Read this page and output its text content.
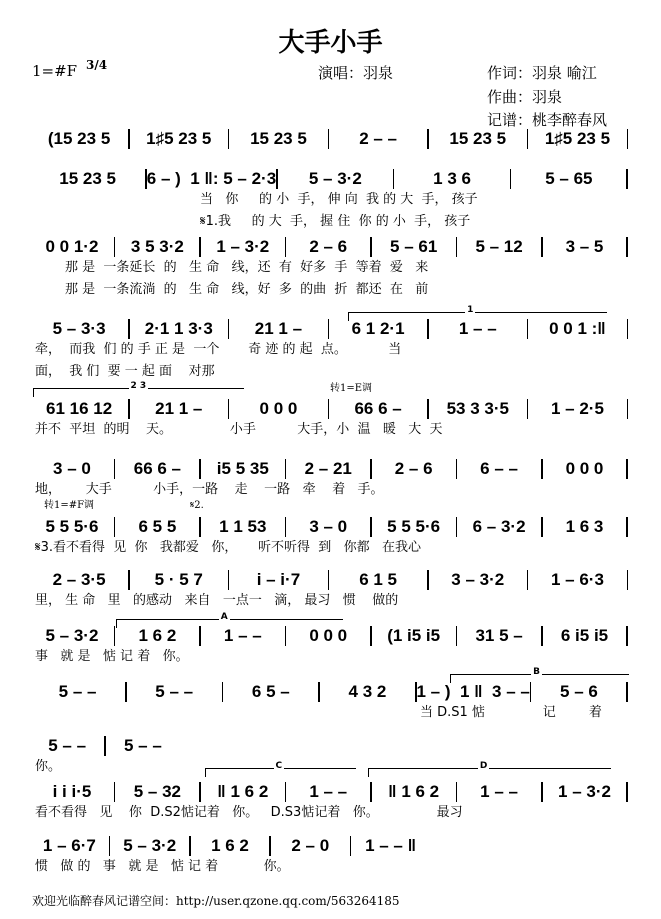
大手小手
1=#F 3/4	演唱：羽泉	作词：羽泉 喻江
作曲：羽泉
记谱：桃李醉春风
转1=E调
转1=#F调	𝄋2.
1
2 3
A
B
C	D
(15 23 5	1♯5 23 5	15 23 5	2 – –	15 23 5	1♯5 23 5
15 23 5	6 – )  1 ‖: 5 – 2·3	5 – 3·2	1 3 6	5 – 65
当   你     的 小  手， 伸 向  我 的 大  手， 孩子
𝄋1.我     的 大  手， 握 住  你 的 小  手， 孩子
0 0 1·2	3 5 3·2	1 – 3·2	2 – 6	5 – 61	5 – 12	3 – 5
那 是  一条延长  的   生 命   线，还  有  好多  手  等着  爱   来
那 是  一条流淌  的   生 命   线，好  多  的曲  折  都还  在   前
5 – 3·3	2·1 1 3·3	21 1 –	6 1 2·1	1 – –	0 0 1 :‖
牵，  而我  们 的 手 正 是  一个       奇 迹 的 起  点。          当
面，  我 们  要 一 起 面    对那
61 16 12	21 1 –	0 0 0	66 6 –	53 3 3·5	1 – 2·5
并不  平坦  的明    天。              小手          大手，小  温   暖   大  天
3 – 0	66 6 –	i5 5 35	2 – 21	2 – 6	6 – –	0 0 0
地，      大手          小手，一路    走    一路   牵    着   手。
5 5 5·6	6 5 5	1 1 53	3 – 0	5 5 5·6	6 – 3·2	1 6 3
𝄋3.看不看得  见  你   我都爱   你，     听不听得  到   你都   在我心
2 – 3·5	5 · 5 7	i – i·7	6 1 5	3 – 3·2	1 – 6·3
里， 生 命   里   的感动   来自   一点一   滴， 最习   惯    做的
5 – 3·2	1 6 2	1 – –	0 0 0	(1 i5 i5	31 5 –	6 i5 i5
事   就 是   惦 记 着   你。
5 – –	5 – –	6 5 –	4 3 2	1 – )  1 ‖  3 – –	5 – 6
当 D.S1 惦              记        着
5 – –	5 – –
你。
i i i·5	5 – 32	‖ 1 6 2	1 – –	‖ 1 6 2	1 – –	1 – 3·2
看不看得   见    你  D.S2惦记着   你。   D.S3惦记着   你。              最习
1 – 6·7	5 – 3·2	1 6 2	2 – 0	1 – – ‖
惯   做 的   事   就 是   惦 记 着           你。
欢迎光临醉春风记谱空间：http://user.qzone.qq.com/563264185
